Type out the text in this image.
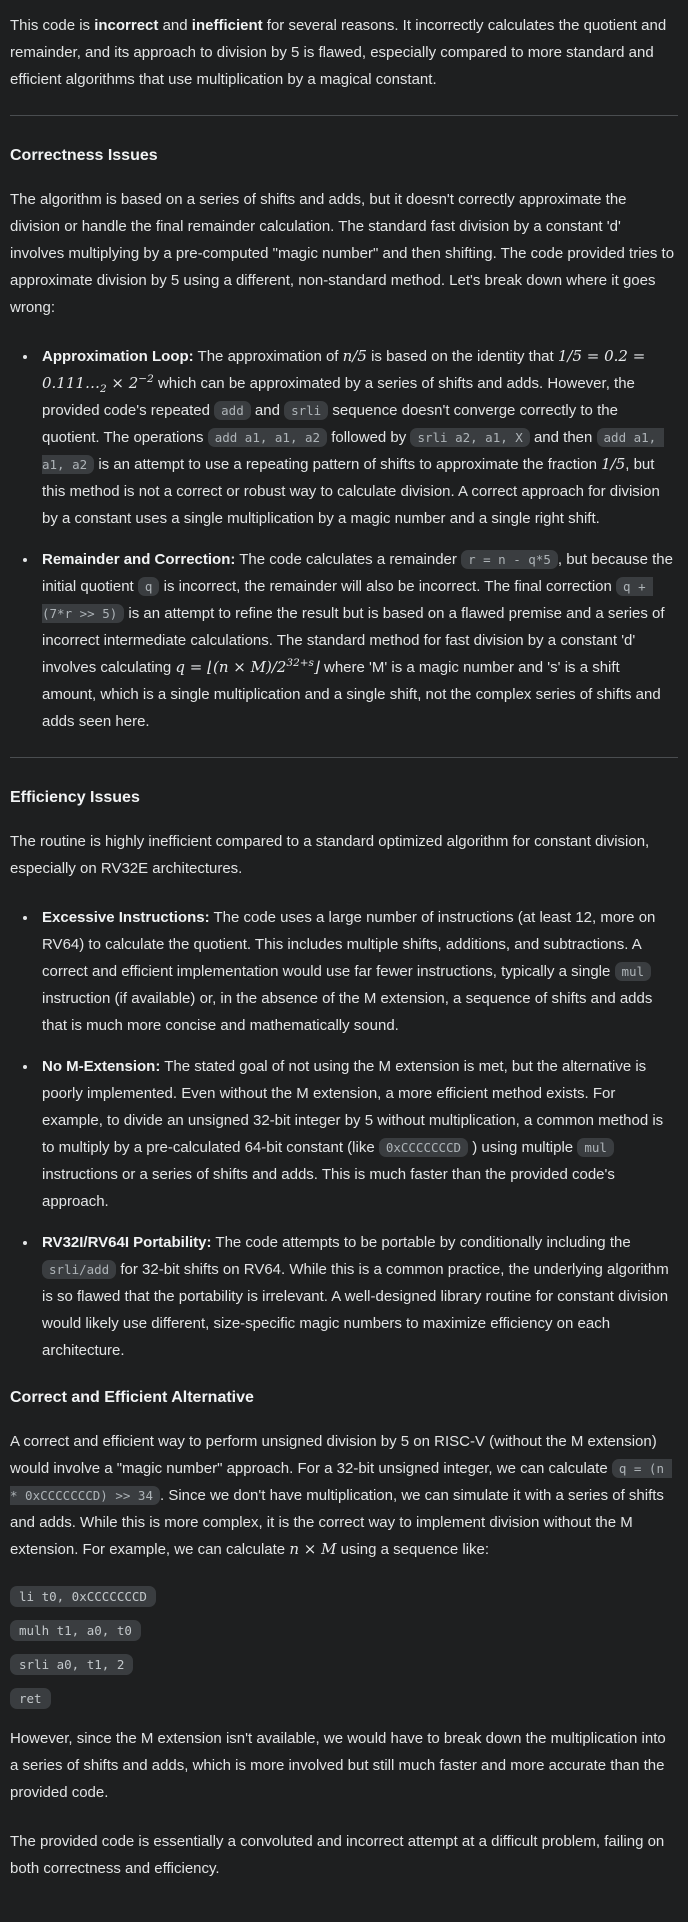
This code is incorrect and inefficient for several reasons. It incorrectly calculates the quotient and remainder, and its approach to division by 5 is flawed, especially compared to more standard and efficient algorithms that use multiplication by a magical constant.

Correctness Issues

The algorithm is based on a series of shifts and adds, but it doesn't correctly approximate the division or handle the final remainder calculation. The standard fast division by a constant 'd' involves multiplying by a pre-computed "magic number" and then shifting. The code provided tries to approximate division by 5 using a different, non-standard method. Let's break down where it goes wrong:

• Approximation Loop: The approximation of n/5 is based on the identity that $1/5 = 0.2 = 0.111\dots_2 \times 2^{-2}$ which can be approximated by a series of shifts and adds. However, the provided code's repeated add and srli sequence doesn't converge correctly to the quotient. The operations add a1, a1, a2 followed by srli a2, a1, X and then add a1, a1, a2 is an attempt to use a repeating pattern of shifts to approximate the fraction 1/5, but this method is not a correct or robust way to calculate division. A correct approach for division by a constant uses a single multiplication by a magic number and a single right shift.
• Remainder and Correction: The code calculates a remainder r = n - q*5 , but because the initial quotient q is incorrect, the remainder will also be incorrect. The final correction q + (7*r >> 5) is an attempt to refine the result but is based on a flawed premise and a series of incorrect intermediate calculations. The standard method for fast division by a constant 'd' involves calculating q = ⌊(n × $M)/2^{32+s}⌋$ where 'M' is a magic number and 's' is a shift amount, which is a single multiplication and a single shift, not the complex series of shifts and adds seen here.
Efficiency Issues

The routine is highly inefficient compared to a standard optimized algorithm for constant division, especially on RV32E architectures.

• Excessive Instructions: The code uses a large number of instructions (at least 12, more on RV64) to calculate the quotient. This includes multiple shifts, additions, and subtractions. A correct and efficient implementation would use far fewer instructions, typically a single mul instruction (if available) or, in the absence of the M extension, a sequence of shifts and adds that is much more concise and mathematically sound.
• No M-Extension: The stated goal of not using the M extension is met, but the alternative is poorly implemented. Even without the M extension, a more efficient method exists. For example, to divide an unsigned 32-bit integer by 5 without multiplication, a common method is to multiply by a pre-calculated 64-bit constant (like 0xCCCCCCCD ) using multiple mul instructions or a series of shifts and adds. This is much faster than the provided code's approach.
• RV32I/RV64I Portability: The code attempts to be portable by conditionally including the srli/add for 32-bit shifts on RV64. While this is a common practice, the underlying algorithm is so flawed that the portability is irrelevant. A well-designed library routine for constant division would likely use different, size-specific magic numbers to maximize efficiency on each architecture.
Correct and Efficient Alternative

A correct and efficient way to perform unsigned division by 5 on RISC-V (without the M extension) would involve a "magic number" approach. For a 32-bit unsigned integer, we can calculate q = (n * 0xCCCCCCCD) >> 34 . Since we don't have multiplication, we can simulate it with a series of shifts and adds. While this is more complex, it is the correct way to implement division without the M extension. For example, we can calculate n × M using a sequence like:

li t0, 0xCCCCCCCD
mulh t1, a0, t0
srli a0, t1, 2
ret

However, since the M extension isn't available, we would have to break down the multiplication into a series of shifts and adds, which is more involved but still much faster and more accurate than the provided code.

The provided code is essentially a convoluted and incorrect attempt at a difficult problem, failing on both correctness and efficiency.
